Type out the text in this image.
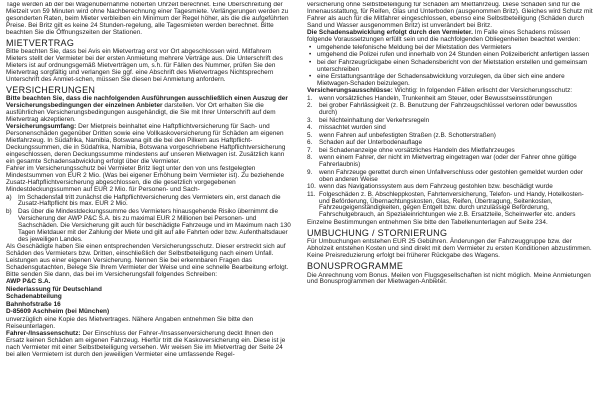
Tage werden ab der bei Wagenübernahme notierten Uhrzeit berechnet. Eine Überschreitung der Mietzeit von 59 Minuten wird ohne Nachberechnung einer Tagesmiete. Verlängerungen werden zu gesonderten Raten, beim Mieter verbleiben ein Minimum der Regel höher, als die die aufgeführten Preise. Bei Britz gilt es keine 24 Stunden-regelung, alle Tagesmieten werden berechnet. Bitte beachten Sie die Öffnungszeiten der Stationen.

MIETVERTRAG

Bitte beachten Sie, dass bei Avis ein Mietvertrag erst vor Ort abgeschlossen wird. Mitfahrern Mieters stellt der Vermieter bei der ersten Anmietung mehrere Verträge aus. Die Unterschrift des Mieters ist auf ordnungsgemäß Mietverträgen um, s.h. für Fällen des Nummer, prüfen Sie den Mietvertrag sorgfältig und verlangen Sie ggf. eine Abschrift des Mietvertrages Nichtsprechern Unterschrift des Anmiet-schen, müssen Sie diesen bei Anmietung anfordern.

VERSICHERUNGEN

Bitte beachten Sie, dass die nachfolgenden Ausführungen ausschließlich einen Auszug der Versicherungsbedingungen der einzelnen Anbieter darstellen. Vor Ort erhalten Sie die ausführlichen Versicherungsbedingungen ausgehändigt, die Sie mit Ihrer Unterschrift auf dem Mietvertrag akzeptieren.

Versicherungsumfang: Der Mietpreis beinhaltet eine Haftpflichtversicherung für Sach- und Personenschäden gegenüber Dritten sowie eine Vollkaskoversicherung für Schäden am eigenen Mietfahrzeug. In Südafrika, Namibia, Botswana gilt die bei den Pilkern aus Haftpflicht-Deckungssummen, die in Südafrika, Namibia, Botswana vorgeschriebene Haftpflichtversicherung eingeschlossen, deren Deckungssumme mindestens auf unseren Mietwagen ist. Zusätzlich kann ein gesamte Schadensabwicklung erfolgt über die Vermieter.

Fahrer im Versicherungsschutz bei Vermieter Britz liegt unter den von uns festgelegten Mindestsummen von EUR 2 Mio. (Was bei eigener Erhöhung beim Vermieter ist). Zu beziehende Zusatz-Haftpflichtversicherung abgeschlossen, die die gesetzlich vorgegebenen Mindestdeckungssummen auf EUR 2 Mio. für Personen- und Sach-

a) Im Schadensfall tritt zunächst die Haftpflichtversicherung des Vermieters ein, erst danach die Zusatz-Haftpflicht bis max. EUR 2 Mio.
b) Das über die Mindestdeckungssumme des Vermieters hinausgehende Risiko übernimmt die Versicherung der AWP P&C S.A. bis zu maximal EUR 2 Millionen bei Personen- und Sachschäden. Die Versicherung gilt auch für beschädigte Fahrzeuge und im Maximum nach 130 Tagen Mietdauer mit der Zahlung der Miete und gilt auf alle Fahrten oder bzw. Aufenthaltsdauer des jeweiligen Landes.

Als Geschädigte haben Sie einen entsprechenden Versicherungsschutz. Dieser erstreckt sich auf Schäden des Vermieters bzw. Dritten, einschließlich der Selbstbeteiligung nach einem Unfall. Leistungen aus einer eigenen Versicherung. Nennen Sie bei erkennbaren Fragen das Schadensgutachten, Belege Sie Ihrem Vermieter der Weise und eine schnelle Bearbeitung erfolgt. Bitte senden Sie dann, das bei im Versicherungsfall folgendes Schreiben:

AWP P&C S.A.
Niederlassung für Deutschland
Schadenabteilung
Bahnhofstraße 16
D-85609 Aschheim (bei München)

unverzüglich eine Kopie des Mietvertrages. Nähere Angaben entnehmen Sie bitte den Reiseunterlagen.

Fahrer-/Insassenschutz: Der Einschluss der Fahrer-/Insassenversicherung deckt Ihnen den Ersatz keinen Schäden am eigenen Fahrzeug. Hierfür tritt die Kaskoversicherung ein. Diese ist je nach Vermieter mit einer Selbstbeteiligung versehen. Wir weisen Sie im Mietvertrag der Seite 24 bei allen Vermietern ist durch den jeweiligen Vermieter eine umfassende Regel-

versicherung ohne Selbstbeteiligung für Schäden am Mietfahrzeug. Diese Schäden sind für die Innenausstattung, für Reifen, Glas und Unterboden (ausgenommen Britz). Gleiches wird Schutz mit Fahrer als auch für die Mitfahrer eingeschlossen, ebenso eine Selbstbeteiligung (Schäden durch Sand und Wasser ausgenommen Britz) ist unverändert bei Britz.

Die Schadensabwicklung erfolgt durch den Vermieter. Im Falle eines Schadens müssen folgende Voraussetzungen erfüllt sein und die nachfolgenden Obliegenheiten beachtet werden:

• umgehende telefonische Meldung bei der Mietstation des Vermieters
• umgehend die Polizei rufen und innerhalb von 24 Stunden einen Polizeibericht anfertigen lassen
• bei der Fahrzeugrückgabe einen Schadensbericht von der Mietstation erstellen und gemeinsam unterschreiben
• eine Erstattungsanträge der Schadensabwicklung vorzulegen, da über sich eine andere Mietwagen-Schaden beizulegen.

Versicherungsausschlüsse: Wichtig: In folgenden Fällen erlischt der Versicherungsschutz:

1. wenn vorsätzliches Handeln, Trunkenheit am Steuer, oder Bewusstseinsstörungen
2. bei grober Fahrlässigkeit (z. B. Benutzung der Fahrzeugschlüssel verloren oder bewusstlos durch)
3. bei Nichteinhaltung der Verkehrsregeln
4. missachtet wurden sind
5. wenn Fahren auf unbefestigten Straßen (z.B. Schotterstraßen)
6. Schaden auf der Unterbodenauflage
7. bei Schadenanzeige ohne vorsätzliches Handeln des Mietfahrzeuges
8. wenn einem Fahrer, der nicht im Mietvertrag eingetragen war (oder der Fahrer ohne gültige Fahrerlaubnis)
9. wenn Fahrzeuge gerettet durch einen Unfallverschluss oder gestohlen gemeldet wurden oder oben anderen Weise
10. wenn das Navigationssystem aus dem Fahrzeug gestohlen bzw. beschädigt wurde
11. Folgeschäden z. B. Abschleppkosten, Fahrtenversicherung, Telefon- und Handy, Hotelkosten- und Beförderung, Übernachtungskosten, Glas, Reifen, Übertragung, Seitenkosten, Fahrzeugeigenständigkeiten, gegen Entgelt bzw. durch unzulässige Beförderung, Fahrschulgebrauch, an Spezialeinrichtungen wie z.B. Ersatzteile, Scheinwerfer etc. anders

Einzelne Bestimmungen entnehmen Sie bitte den Tabellenunterlagen auf Seite 234.

UMBUCHUNG / STORNIERUNG

Für Umbuchungen entstehen EUR 25 Gebühren. Änderungen der Fahrzeuggruppe bzw. der Abholzeit entstehen Kosten und sind direkt mit dem Vermieter zu ersten Konditionen abzustimmen. Keine Preisreduzierung erfolgt bei früherer Rückgabe des Wagens.

BONUSPROGRAMME

Die Anrechnung vom Bonus. Meilen von Flugsgesellschaften ist nicht möglich. Meine Anmietungen und Bonusprogrammen der Mietwagen-Anbieter.
